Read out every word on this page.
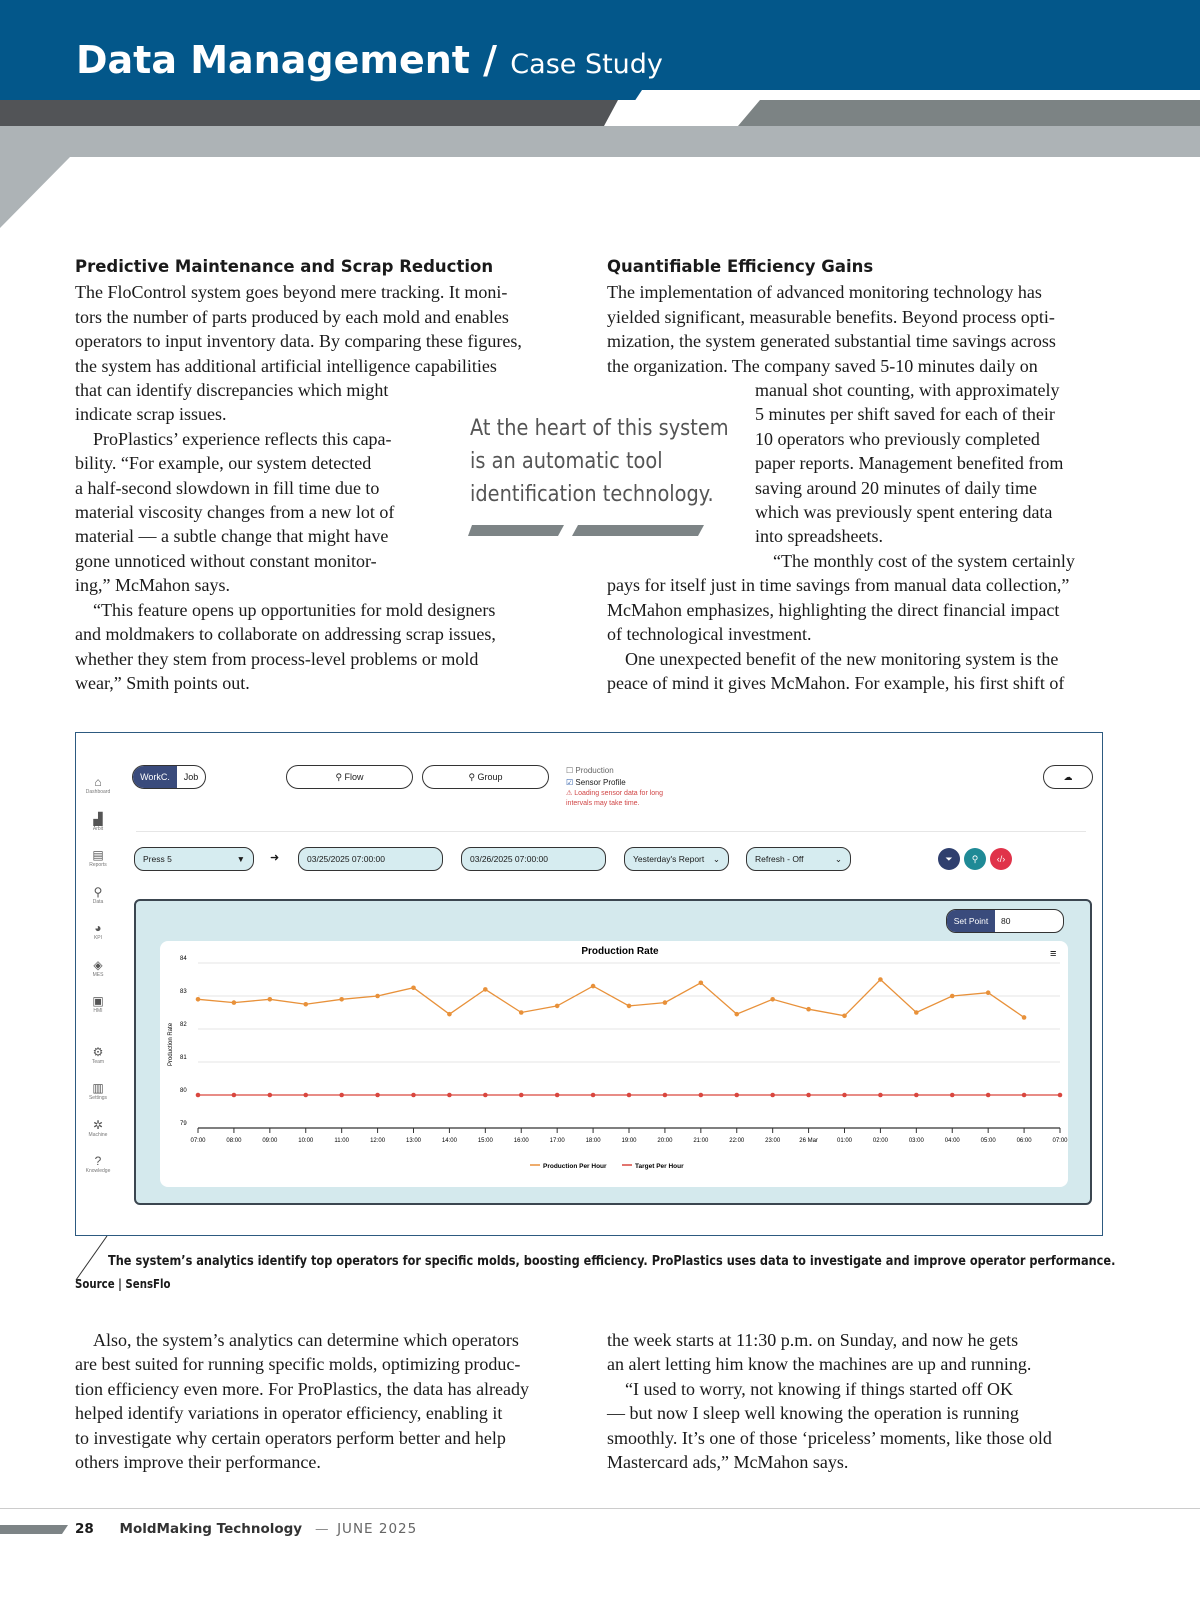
Data Management / Case Study
Predictive Maintenance and Scrap Reduction
The FloControl system goes beyond mere tracking. It moni-
tors the number of parts produced by each mold and enables
operators to input inventory data. By comparing these figures,
the system has additional artificial intelligence capabilities
that can identify discrepancies which might
indicate scrap issues.
 ProPlastics’ experience reflects this capa-
bility. “For example, our system detected
a half-second slowdown in fill time due to
material viscosity changes from a new lot of
material — a subtle change that might have
gone unnoticed without constant monitor-
ing,” McMahon says.
 “This feature opens up opportunities for mold designers
and moldmakers to collaborate on addressing scrap issues,
whether they stem from process-level problems or mold
wear,” Smith points out.
At the heart of this system
is an automatic tool
identification technology.
Quantifiable Efficiency Gains
The implementation of advanced monitoring technology has
yielded significant, measurable benefits. Beyond process opti-
mization, the system generated substantial time savings across
the organization. The company saved 5-10 minutes daily on
manual shot counting, with approximately
5 minutes per shift saved for each of their
10 operators who previously completed
paper reports. Management benefited from
saving around 20 minutes of daily time
which was previously spent entering data
into spreadsheets.
 “The monthly cost of the system certainly
pays for itself just in time savings from manual data collection,”
McMahon emphasizes, highlighting the direct financial impact
of technological investment.
 One unexpected benefit of the new monitoring system is the
peace of mind it gives McMahon. For example, his first shift of
⌂
Dashboard
▟
Arbit
▤
Reports
⚲
Data
◕
KPI
◈
MES
▣
HMI
⚙
Team
▥
Settings
✲
Machine
?
Knowledge
WorkC.	Job	⚲ Flow	⚲ Group
☐ Production
☑ Sensor Profile
⚠ Loading sensor data for long
intervals may take time.
☁
Press 5	▼ ➜	03/25/2025 07:00:00	03/26/2025 07:00:00	Yesterday's Report ⌄	Refresh - Off	⌄	⏷ ⚲ ‹/›
Set Point	80
Production Rate	≡
79
80
81
82
83
84
Production Rate
07:00	08:00	09:00	10:00	11:00	12:00	13:00	14:00	15:00	16:00	17:00	18:00	19:00	20:00	21:00	22:00	23:00	26 Mar	01:00	02:00	03:00	04:00	05:00	06:00	07:00
Production Per Hour	Target Per Hour
The system’s analytics identify top operators for specific molds, boosting efficiency. ProPlastics uses data to investigate and improve operator performance.
Source | SensFlo
 Also, the system’s analytics can determine which operators
are best suited for running specific molds, optimizing produc-
tion efficiency even more. For ProPlastics, the data has already
helped identify variations in operator efficiency, enabling it
to investigate why certain operators perform better and help
others improve their performance.
the week starts at 11:30 p.m. on Sunday, and now he gets
an alert letting him know the machines are up and running.
 “I used to worry, not knowing if things started off OK
— but now I sleep well knowing the operation is running
smoothly. It’s one of those ‘priceless’ moments, like those old
Mastercard ads,” McMahon says.
28 MoldMaking Technology — JUNE 2025
